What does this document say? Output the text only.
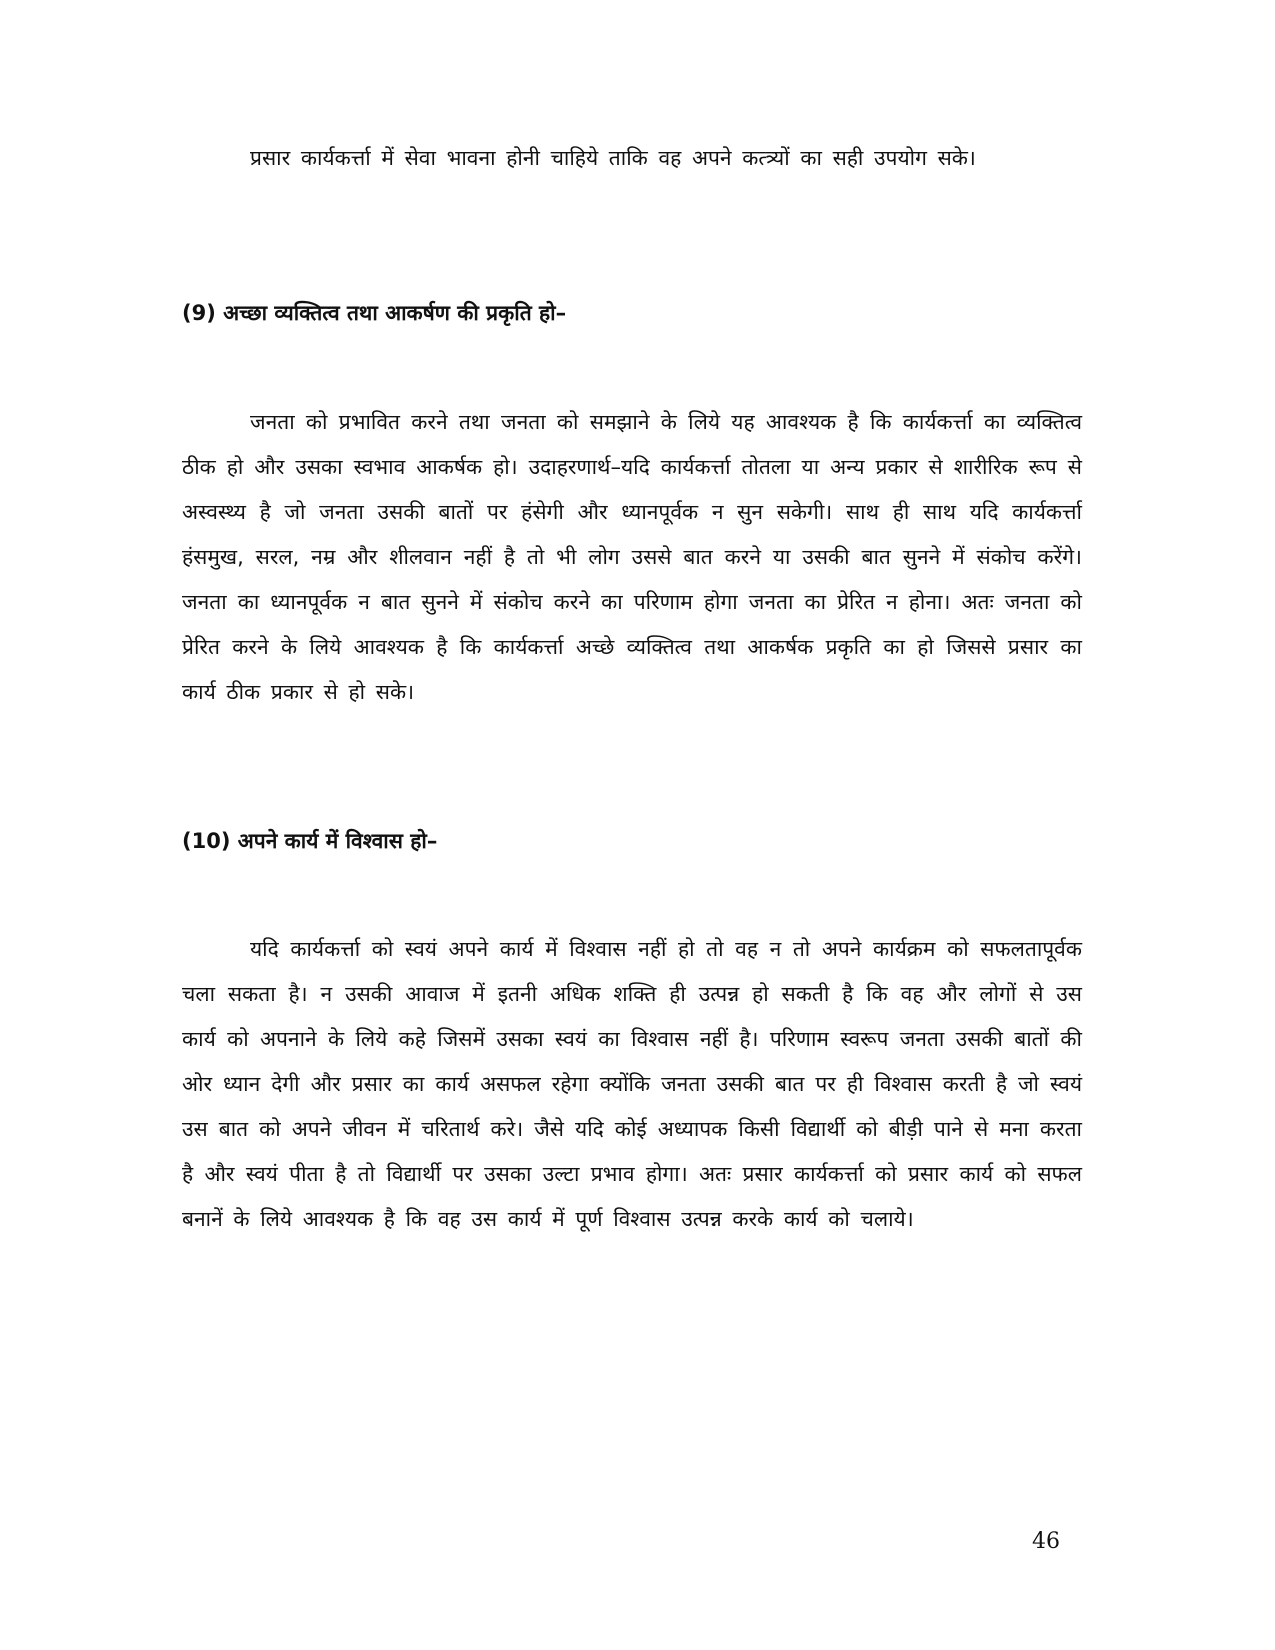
प्रसार कार्यकर्त्ता में सेवा भावना होनी चाहिये ताकि वह अपने कत्त्र्यों का सही उपयोग सके।

(9) अच्छा व्यक्तित्व तथा आकर्षण की प्रकृति हो–

जनता को प्रभावित करने तथा जनता को समझाने के लिये यह आवश्यक है कि कार्यकर्त्ता का व्यक्तित्व ठीक हो और उसका स्वभाव आकर्षक हो। उदाहरणार्थ–यदि कार्यकर्त्ता तोतला या अन्य प्रकार से शारीरिक रूप से अस्वस्थ्य है जो जनता उसकी बातों पर हंसेगी और ध्यानपूर्वक न सुन सकेगी। साथ ही साथ यदि कार्यकर्त्ता हंसमुख, सरल, नम्र और शीलवान नहीं है तो भी लोग उससे बात करने या उसकी बात सुनने में संकोच करेंगे। जनता का ध्यानपूर्वक न बात सुनने में संकोच करने का परिणाम होगा जनता का प्रेरित न होना। अतः जनता को प्रेरित करने के लिये आवश्यक है कि कार्यकर्त्ता अच्छे व्यक्तित्व तथा आकर्षक प्रकृति का हो जिससे प्रसार का कार्य ठीक प्रकार से हो सके।

(10) अपने कार्य में विश्वास हो–

यदि कार्यकर्त्ता को स्वयं अपने कार्य में विश्वास नहीं हो तो वह न तो अपने कार्यक्रम को सफलतापूर्वक चला सकता है। न उसकी आवाज में इतनी अधिक शक्ति ही उत्पन्न हो सकती है कि वह और लोगों से उस कार्य को अपनाने के लिये कहे जिसमें उसका स्वयं का विश्वास नहीं है। परिणाम स्वरूप जनता उसकी बातों की ओर ध्यान देगी और प्रसार का कार्य असफल रहेगा क्योंकि जनता उसकी बात पर ही विश्वास करती है जो स्वयं उस बात को अपने जीवन में चरितार्थ करे। जैसे यदि कोई अध्यापक किसी विद्यार्थी को बीड़ी पाने से मना करता है और स्वयं पीता है तो विद्यार्थी पर उसका उल्टा प्रभाव होगा। अतः प्रसार कार्यकर्त्ता को प्रसार कार्य को सफल बनानें के लिये आवश्यक है कि वह उस कार्य में पूर्ण विश्वास उत्पन्न करके कार्य को चलाये।

46
